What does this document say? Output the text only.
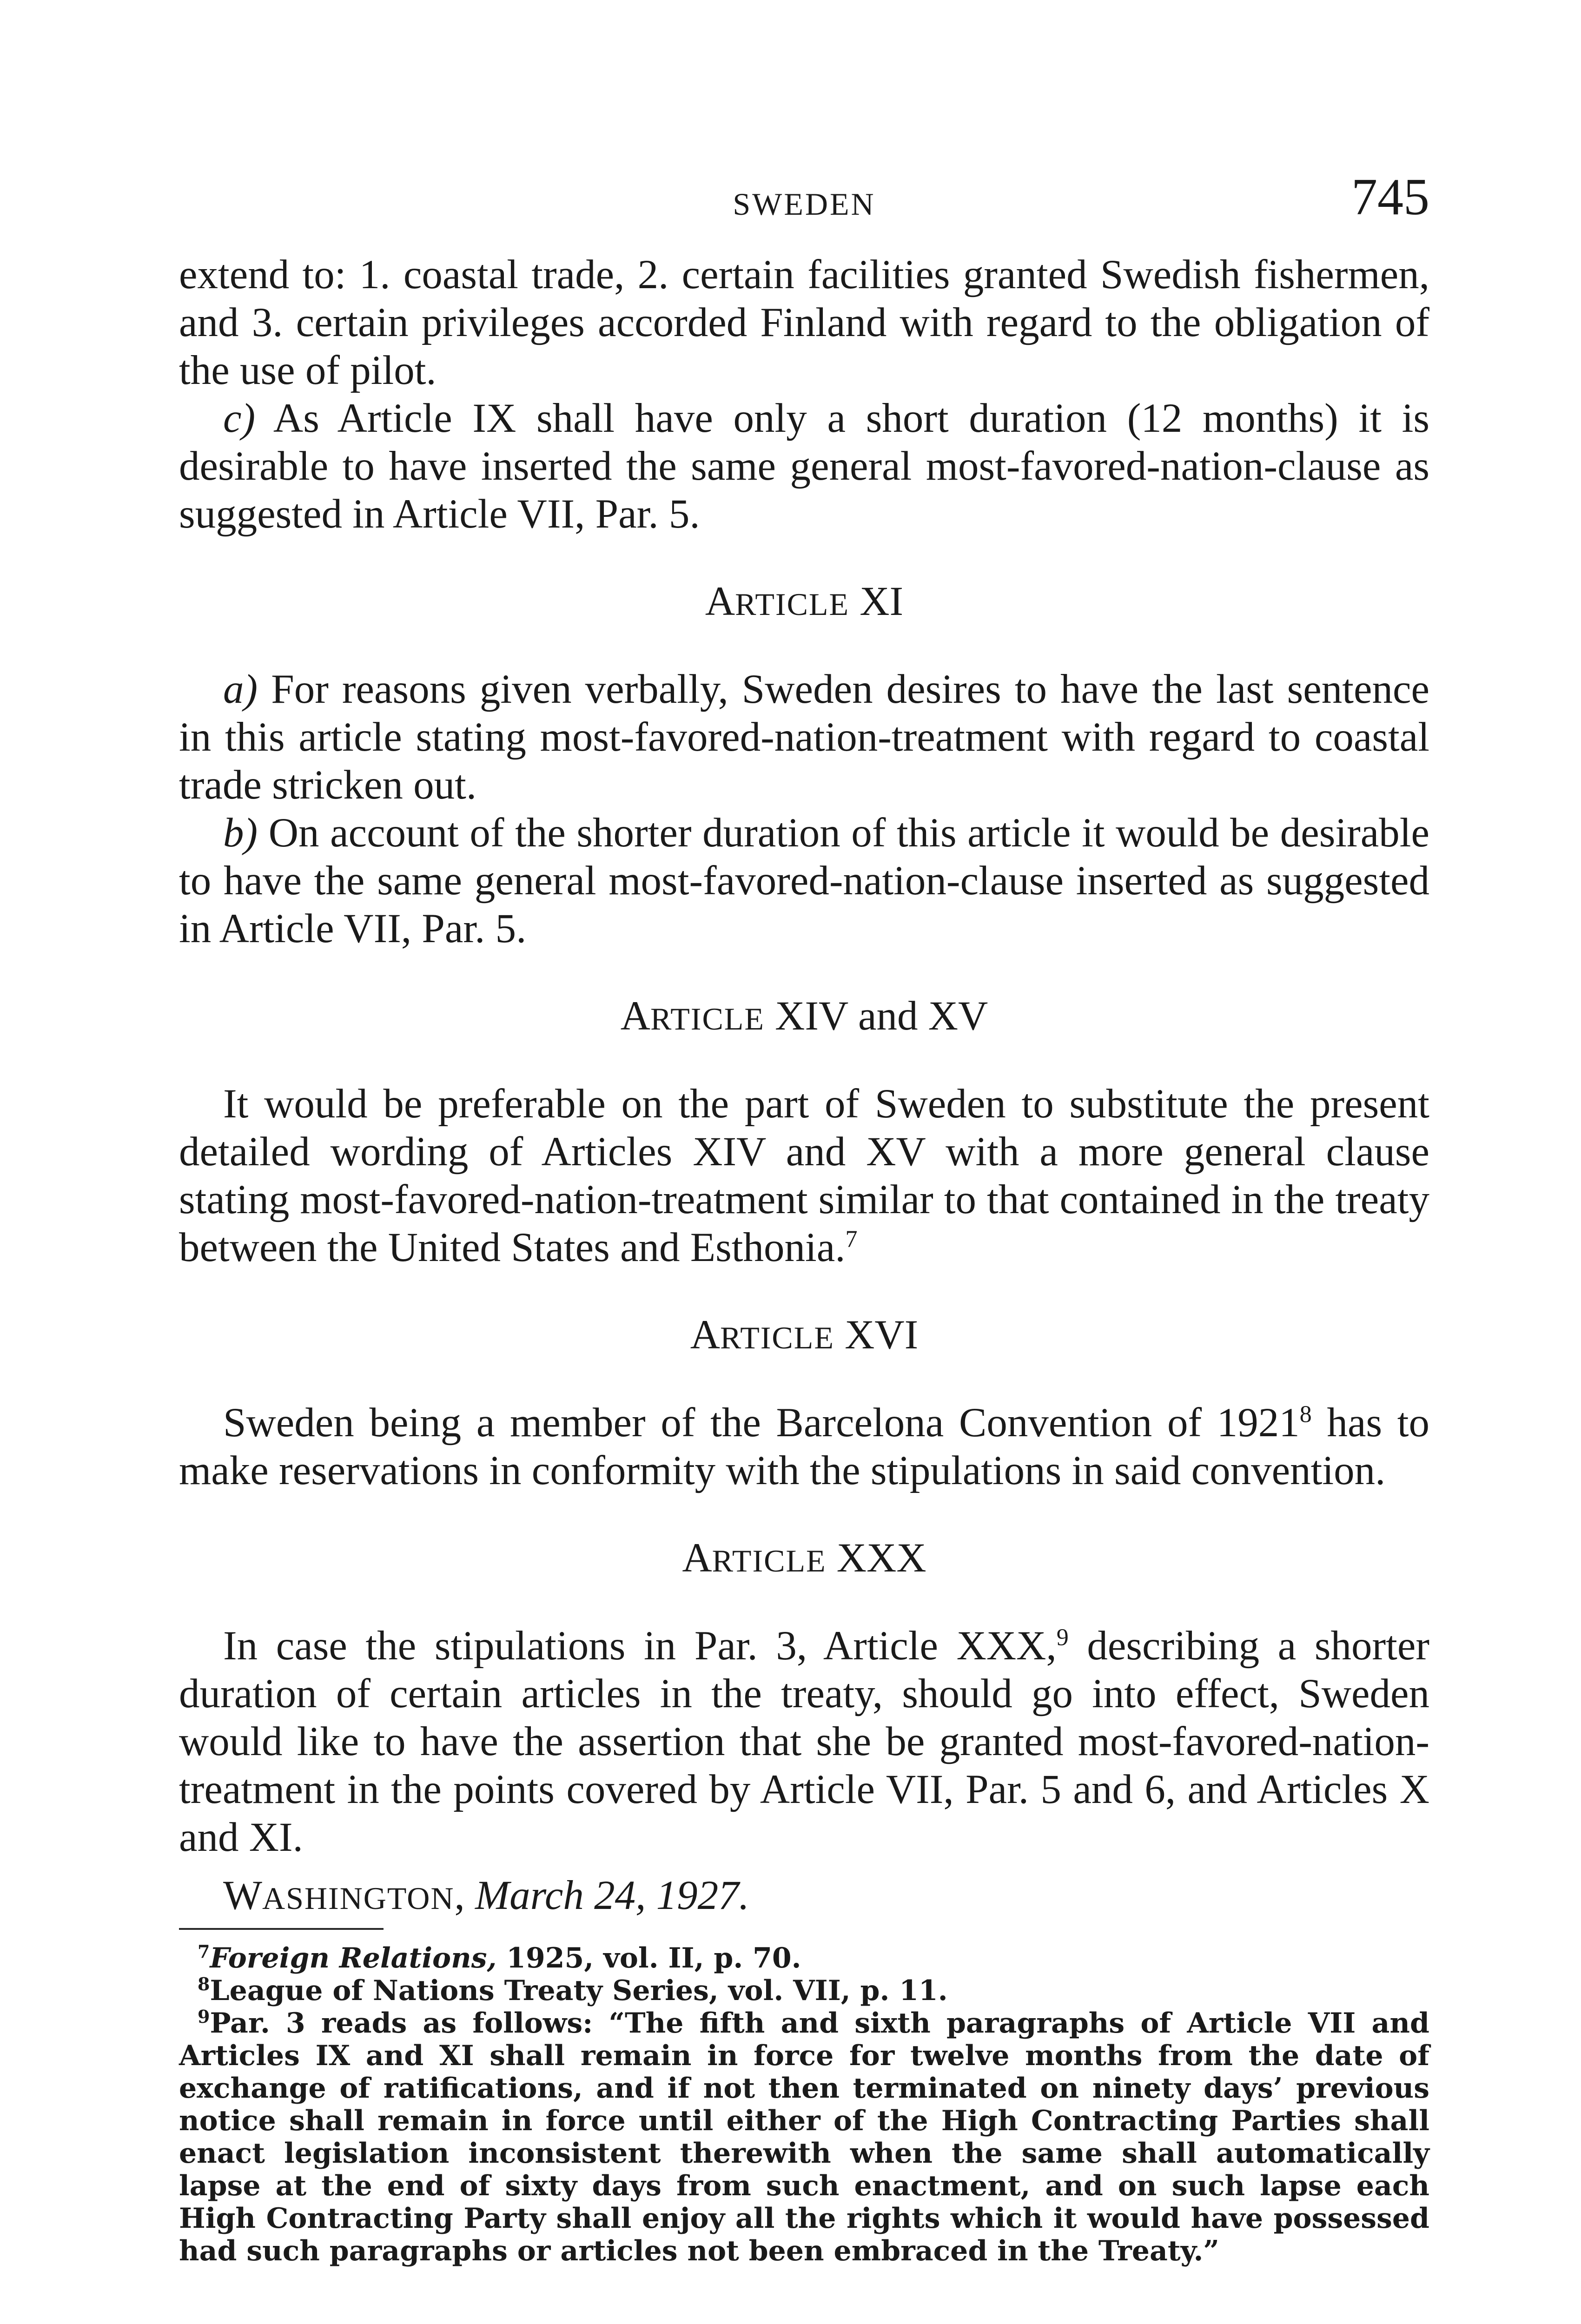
SWEDEN	745

extend to: 1. coastal trade, 2. certain facilities granted Swedish fishermen, and 3. certain privileges accorded Finland with regard to the obligation of the use of pilot.

c) As Article IX shall have only a short duration (12 months) it is desirable to have inserted the same general most-favored-nation-clause as suggested in Article VII, Par. 5.

ARTICLE XI

a) For reasons given verbally, Sweden desires to have the last sentence in this article stating most-favored-nation-treatment with regard to coastal trade stricken out.

b) On account of the shorter duration of this article it would be desirable to have the same general most-favored-nation-clause inserted as suggested in Article VII, Par. 5.

ARTICLE XIV and XV

It would be preferable on the part of Sweden to substitute the present detailed wording of Articles XIV and XV with a more general clause stating most-favored-nation-treatment similar to that contained in the treaty between the United States and Esthonia.$^7$

ARTICLE XVI

Sweden being a member of the Barcelona Convention of 1921$^8$ has to make reservations in conformity with the stipulations in said convention.

ARTICLE XXX

In case the stipulations in Par. 3, Article XXX,$^9$ describing a shorter duration of certain articles in the treaty, should go into effect, Sweden would like to have the assertion that she be granted most-favored-nation-treatment in the points covered by Article VII, Par. 5 and 6, and Articles X and XI.

WASHINGTON, March 24, 1927.

$^7$Foreign Relations, 1925, vol. II, p. 70.

$^8$League of Nations Treaty Series, vol. VII, p. 11.

$^9$Par. 3 reads as follows: “The fifth and sixth paragraphs of Article VII and Articles IX and XI shall remain in force for twelve months from the date of exchange of ratifications, and if not then terminated on ninety days’ previous notice shall remain in force until either of the High Contracting Parties shall enact legislation inconsistent therewith when the same shall automatically lapse at the end of sixty days from such enactment, and on such lapse each High Contracting Party shall enjoy all the rights which it would have possessed had such paragraphs or articles not been embraced in the Treaty.”
